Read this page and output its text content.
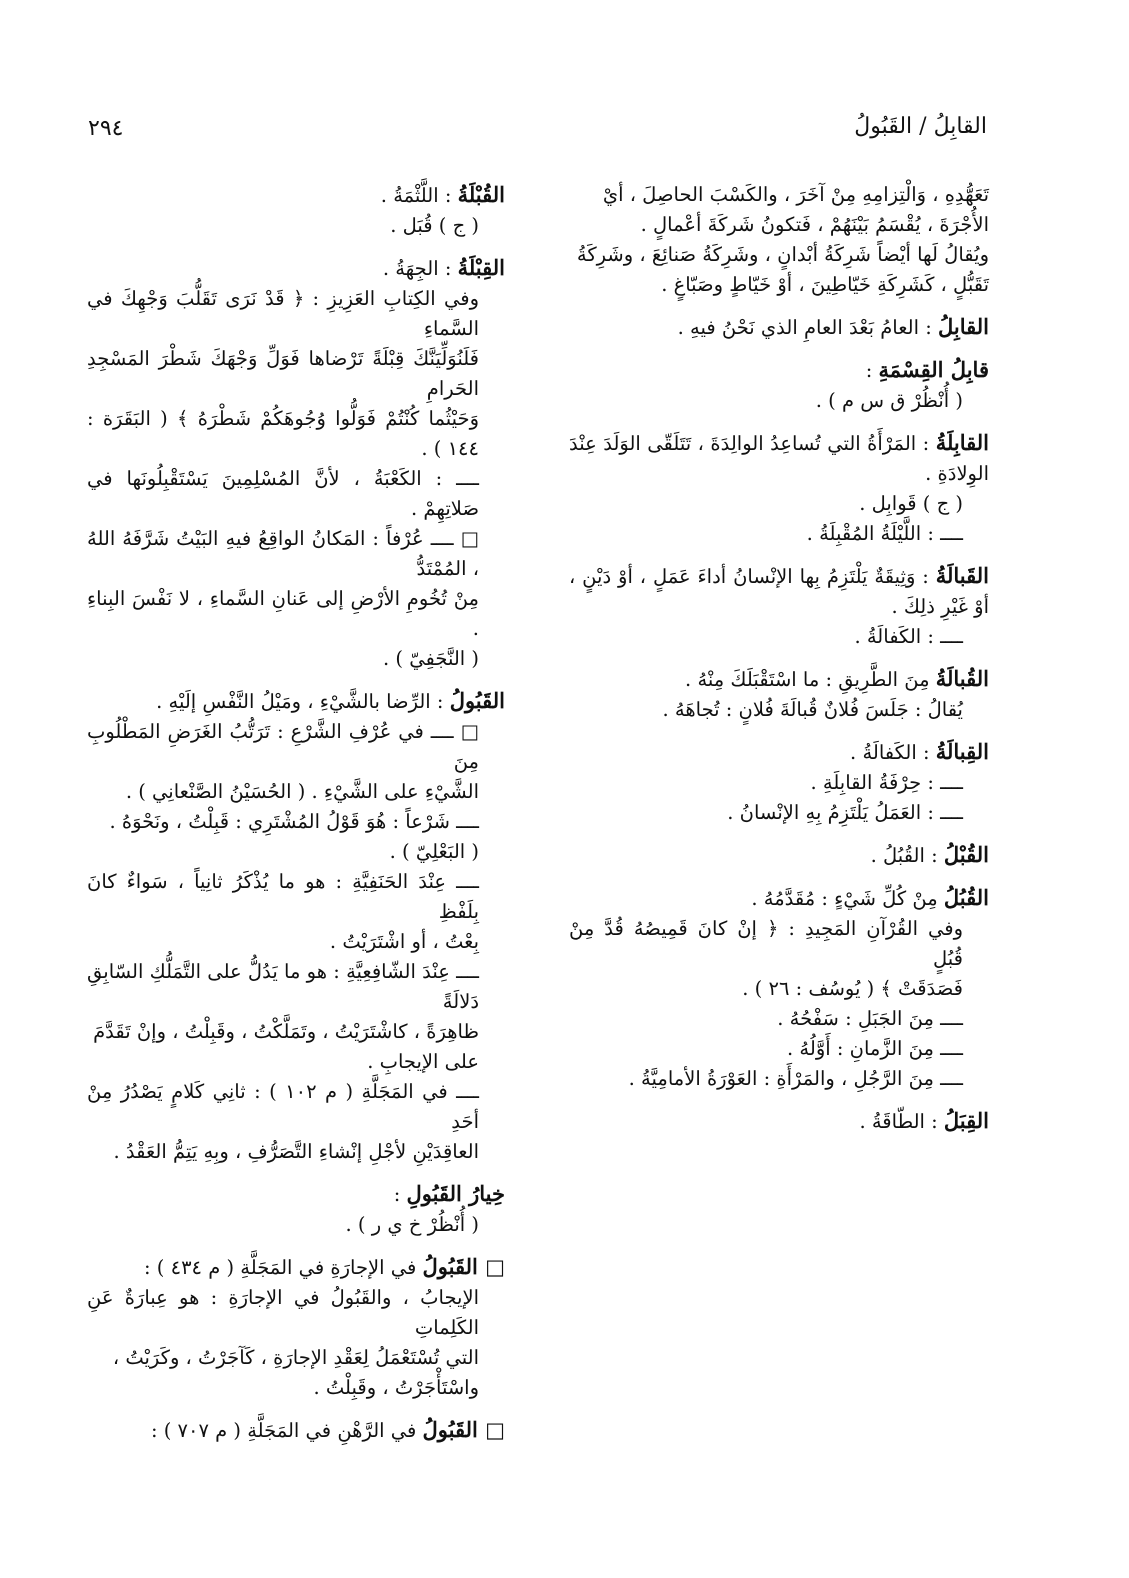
القابِلُ / القَبُولُ
٢٩٤
تَعَهُّدِهِ ، وَالْتِزامِهِ مِنْ آخَرَ ، والكَسْبَ الحاصِلَ ، أيْ
الأُجْرَةَ ، يُقْسَمُ بَيْنَهُمْ ، فَتكونُ شَركَةَ أعْمالٍ .
ويُقالُ لَها أيْضاً شَرِكَةُ أبْدانٍ ، وشَرِكَةُ صَنائِعَ ، وشَرِكَةُ
تَقَبُّلٍ ، كَشَرِكَةِ خَيّاطِينَ ، أوْ خَيّاطٍ وصَبّاغٍ .
القابِلُ : العامُ بَعْدَ العامِ الذي نَحْنُ فيهِ .
قابِلُ القِسْمَةِ :
( أُنْظُرْ ق س م ) .
القابِلَةُ : المَرْأَةُ التي تُساعِدُ الوالِدَةَ ، تَتَلَقّى الوَلَدَ عِنْدَ الوِلادَةِ .
( ج ) قَوابِل .
ــــ : اللَّيْلَةُ المُقْبِلَةُ .
القَبالَةُ : وَثِيقَةٌ يَلْتَزِمُ بِها الإنْسانُ أداءَ عَمَلٍ ، أوْ دَيْنٍ ، أوْ غَيْرِ ذلِكَ .
ــــ : الكَفالَةُ .
القُبالَةُ مِنَ الطَّرِيقِ : ما اسْتَقْبَلَكَ مِنْهُ .
يُقالُ : جَلَسَ فُلانٌ قُبالَةَ فُلانٍ : تُجاهَهُ .
القِبالَةُ : الكَفالَةُ .
ــــ : حِرْفَةُ القابِلَةِ .
ــــ : العَمَلُ يَلْتَزِمُ بِهِ الإنْسانُ .
القُبْلُ : القُبُلُ .
القُبُلُ مِنْ كُلِّ شَيْءٍ : مُقَدَّمُهُ .
وفي القُرْآنِ المَجِيدِ : ﴿ إنْ كانَ قَمِيصُهُ قُدَّ مِنْ قُبُلٍ
فَصَدَقَتْ ﴾ ( يُوسُف : ٢٦ ) .
ــــ مِنَ الجَبَلِ : سَفْحُهُ .
ــــ مِنَ الزَّمانِ : أَوَّلُهُ .
ــــ مِنَ الرَّجُلِ ، والمَرْأَةِ : العَوْرَةُ الأمامِيَّةُ .
القِبَلُ : الطّاقَةُ .
القُبْلَةُ : اللَّثْمَةُ .
( ج ) قُبَل .
القِبْلَةُ : الجِهَةُ .
وفي الكِتابِ العَزِيزِ : ﴿ قَدْ نَرَى تَقَلُّبَ وَجْهِكَ في السَّماءِ
فَلَنُوَلِّيَنَّكَ قِبْلَةً تَرْضاها فَوَلِّ وَجْهَكَ شَطْرَ المَسْجِدِ الحَرامِ
وَحَيْثُما كُنْتُمْ فَوَلُّوا وُجُوهَكُمْ شَطْرَهُ ﴾ ( البَقَرَة : ١٤٤ ) .
ــــ : الكَعْبَةُ ، لأنَّ المُسْلِمِينَ يَسْتَقْبِلُونَها في صَلاتِهِمْ .
□ ــــ عُرْفاً : المَكانُ الواقِعُ فيهِ البَيْتُ شَرَّفَهُ اللهُ ، المُمْتَدُّ
مِنْ تُخُومِ الأرْضِ إلى عَنانِ السَّماءِ ، لا نَفْسَ البِناءِ .
( النَّجَفِيّ ) .
القَبُولُ : الرِّضا بالشَّيْءِ ، ومَيْلُ النَّفْسِ إلَيْهِ .
□ ــــ في عُرْفِ الشَّرْعِ : تَرَتُّبُ الغَرَضِ المَطْلُوبِ مِنَ
الشَّيْءِ على الشَّيْءِ . ( الحُسَيْنُ الصَّنْعانِي ) .
ــــ شَرْعاً : هُوَ قَوْلُ المُشْتَرِي : قَبِلْتُ ، ونَحْوَهُ .
( البَعْلِيّ ) .
ــــ عِنْدَ الحَنَفِيَّةِ : هو ما يُذْكَرُ ثانِياً ، سَواءٌ كانَ بِلَفْظِ
بِعْتُ ، أو اشْتَرَيْتُ .
ــــ عِنْدَ الشّافِعِيَّةِ : هو ما يَدُلُّ على التَّمَلُّكِ السّابِقِ دَلالَةً
ظاهِرَةً ، كاشْتَرَيْتُ ، وتَمَلَّكْتُ ، وقَبِلْتُ ، وإنْ تَقَدَّمَ
على الإيجابِ .
ــــ في المَجَلَّةِ ( م ١٠٢ ) : ثانِي كَلامٍ يَصْدُرُ مِنْ أحَدِ
العاقِدَيْنِ لأجْلِ إنْشاءِ التَّصَرُّفِ ، وبِهِ يَتِمُّ العَقْدُ .
خِيارُ القَبُولِ :
( أُنْظُرْ خ ي ر ) .
□ القَبُولُ في الإجارَةِ في المَجَلَّةِ ( م ٤٣٤ ) :
الإيجابُ ، والقَبُولُ في الإجارَةِ : هو عِبارَةٌ عَنِ الكَلِماتِ
التي تُسْتَعْمَلُ لِعَقْدِ الإجارَةِ ، كَآجَرْتُ ، وكَرَيْتُ ،
واسْتَأْجَرْتُ ، وقَبِلْتُ .
□ القَبُولُ في الرَّهْنِ في المَجَلَّةِ ( م ٧٠٧ ) :
